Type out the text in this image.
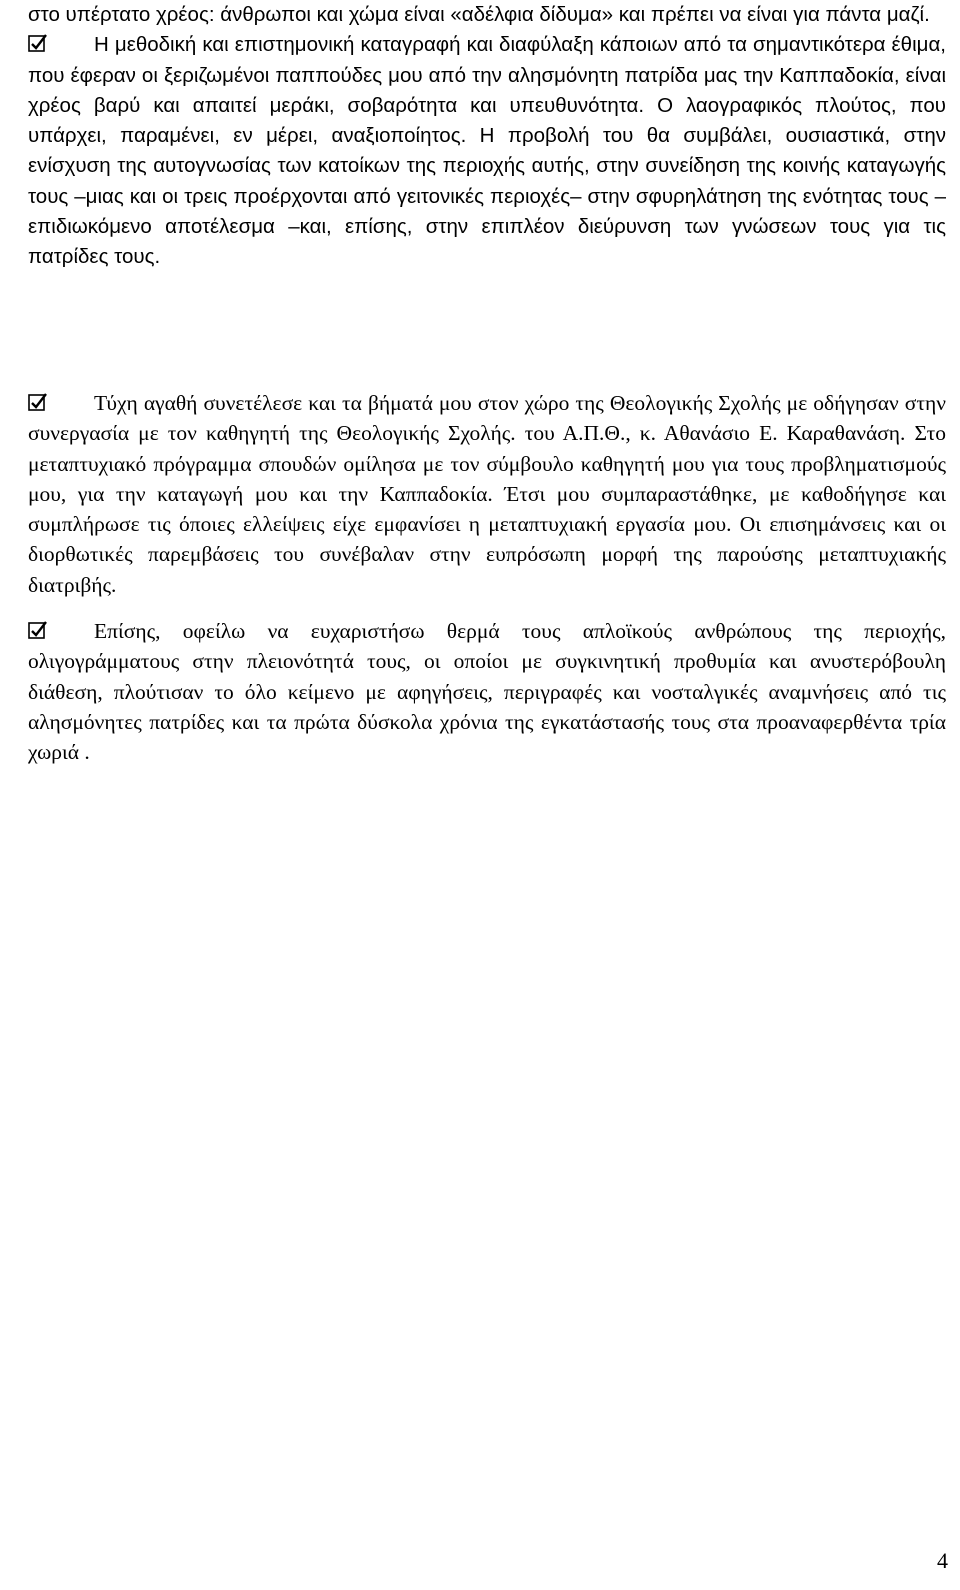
στο υπέρτατο χρέος: άνθρωποι και χώμα είναι «αδέλφια δίδυμα» και πρέπει να είναι για πάντα μαζί.

Η μεθοδική και επιστημονική καταγραφή και διαφύλαξη κάποιων από τα σημαντικότερα έθιμα, που έφεραν οι ξεριζωμένοι παππούδες μου από την αλησμόνητη πατρίδα μας την Καππαδοκία, είναι χρέος βαρύ και απαιτεί μεράκι, σοβαρότητα και υπευθυνότητα. Ο λαογραφικός πλούτος, που υπάρχει, παραμένει, εν μέρει, αναξιοποίητος. Η προβολή του θα συμβάλει, ουσιαστικά, στην ενίσχυση της αυτογνωσίας των κατοίκων της περιοχής αυτής, στην συνείδηση της κοινής καταγωγής τους –μιας και οι τρεις προέρχονται από γειτονικές περιοχές– στην σφυρηλάτηση της ενότητας τους – επιδιωκόμενο αποτέλεσμα –και, επίσης, στην επιπλέον διεύρυνση των γνώσεων τους για τις πατρίδες τους.

Τύχη αγαθή συνετέλεσε και τα βήματά μου στον χώρο της Θεολογικής Σχολής με οδήγησαν στην συνεργασία με τον καθηγητή της Θεολογικής Σχολής. του Α.Π.Θ., κ. Αθανάσιο Ε. Καραθανάση. Στο μεταπτυχιακό πρόγραμμα σπουδών ομίλησα με τον σύμβουλο καθηγητή μου για τους προβληματισμούς μου, για την καταγωγή μου και την Καππαδοκία. Έτσι μου συμπαραστάθηκε, με καθοδήγησε και συμπλήρωσε τις όποιες ελλείψεις είχε εμφανίσει η μεταπτυχιακή εργασία μου. Οι επισημάνσεις και οι διορθωτικές παρεμβάσεις του συνέβαλαν στην ευπρόσωπη μορφή της παρούσης μεταπτυχιακής διατριβής.

Επίσης, οφείλω να ευχαριστήσω θερμά τους απλοϊκούς ανθρώπους της περιοχής, ολιγογράμματους στην πλειονότητά τους, οι οποίοι με συγκινητική προθυμία και ανυστερόβουλη διάθεση, πλούτισαν το όλο κείμενο με αφηγήσεις, περιγραφές και νοσταλγικές αναμνήσεις από τις αλησμόνητες πατρίδες και τα πρώτα δύσκολα χρόνια της εγκατάστασής τους στα προαναφερθέντα τρία χωριά .

4
